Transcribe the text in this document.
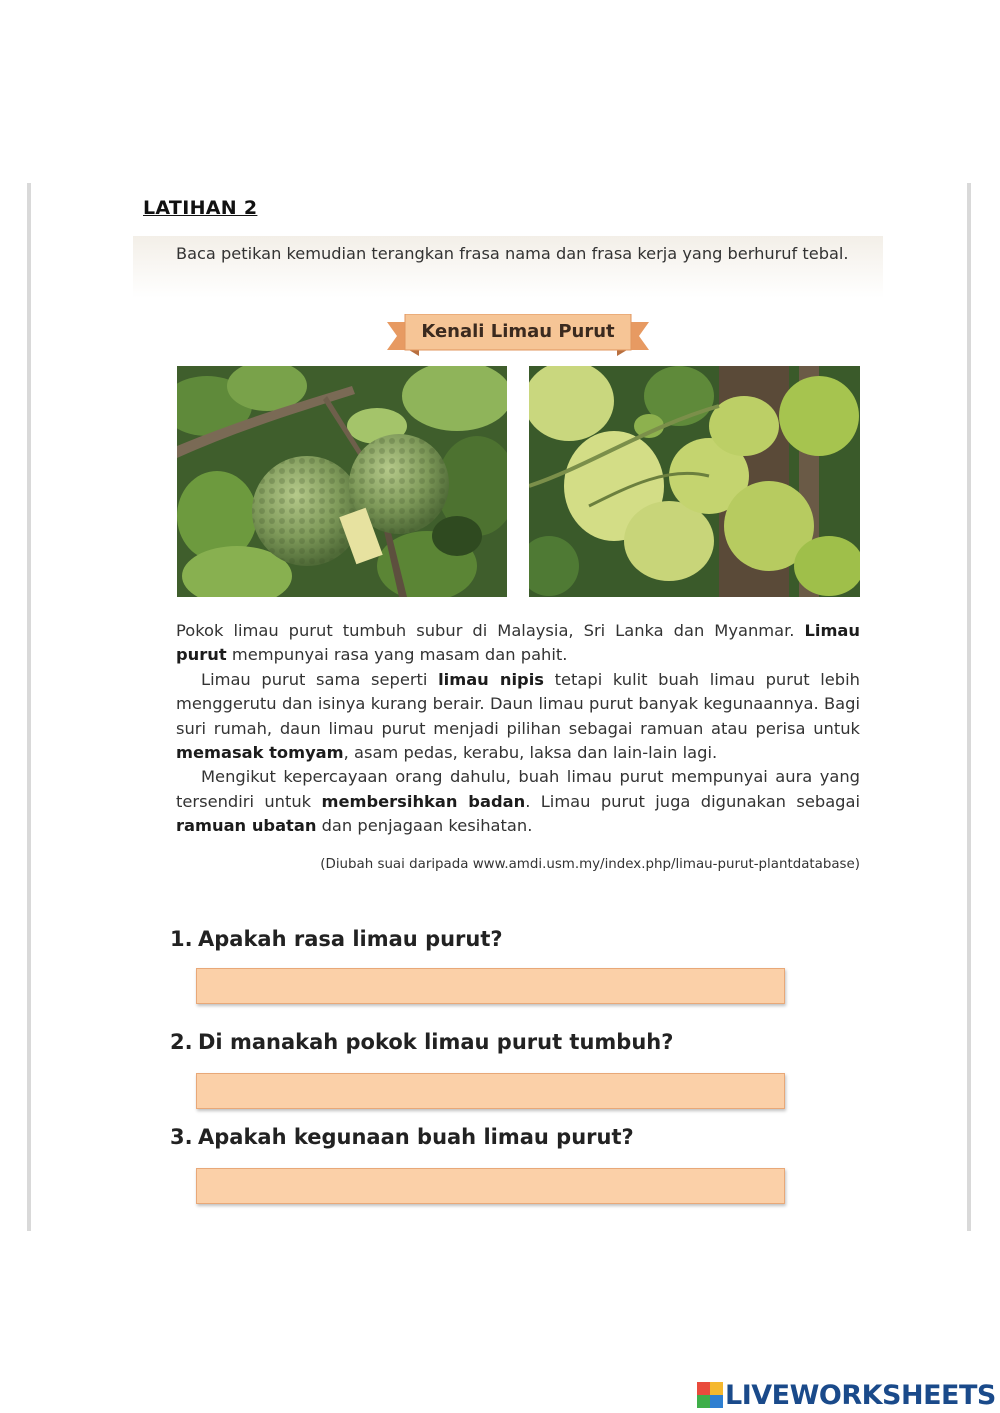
LATIHAN 2
Baca petikan kemudian terangkan frasa nama dan frasa kerja yang berhuruf tebal.
Kenali Limau Purut

Pokok limau purut tumbuh subur di Malaysia, Sri Lanka dan Myanmar. Limau purut mempunyai rasa yang masam dan pahit.

Limau purut sama seperti limau nipis tetapi kulit buah limau purut lebih menggerutu dan isinya kurang berair. Daun limau purut banyak kegunaannya. Bagi suri rumah, daun limau purut menjadi pilihan sebagai ramuan atau perisa untuk memasak tomyam, asam pedas, kerabu, laksa dan lain-lain lagi.

Mengikut kepercayaan orang dahulu, buah limau purut mempunyai aura yang tersendiri untuk membersihkan badan. Limau purut juga digunakan sebagai ramuan ubatan dan penjagaan kesihatan.

(Diubah suai daripada www.amdi.usm.my/index.php/limau-purut-plantdatabase)
1. Apakah rasa limau purut?
2. Di manakah pokok limau purut tumbuh?
3. Apakah kegunaan buah limau purut?
LIVEWORKSHEETS
